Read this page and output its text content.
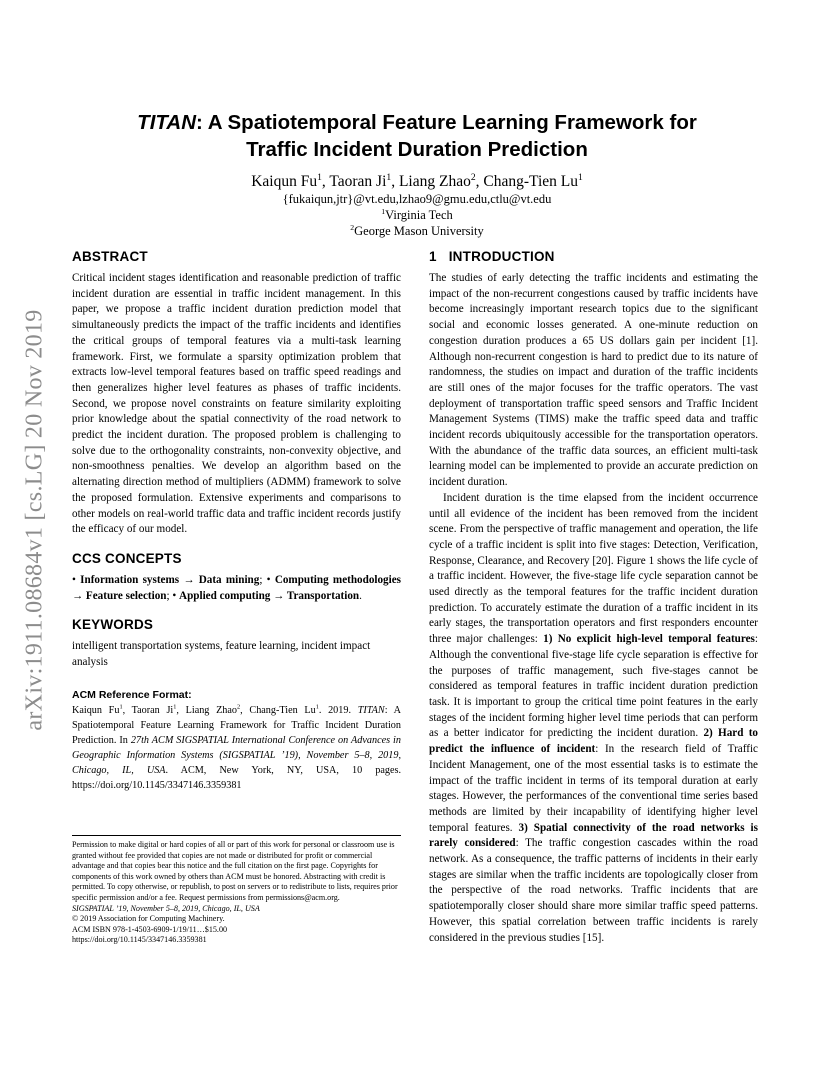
arXiv:1911.08684v1 [cs.LG] 20 Nov 2019
TITAN: A Spatiotemporal Feature Learning Framework for
Traffic Incident Duration Prediction
Kaiqun Fu$^1$, Taoran Ji$^1$, Liang Zhao$^2$, Chang-Tien Lu$^1$
{fukaiqun,jtr}@vt.edu,lzhao9@gmu.edu,ctlu@vt.edu
$^1$Virginia Tech
$^2$George Mason University
ABSTRACT

Critical incident stages identification and reasonable prediction of traffic incident duration are essential in traffic incident management. In this paper, we propose a traffic incident duration prediction model that simultaneously predicts the impact of the traffic incidents and identifies the critical groups of temporal features via a multi-task learning framework. First, we formulate a sparsity optimization problem that extracts low-level temporal features based on traffic speed readings and then generalizes higher level features as phases of traffic incidents. Second, we propose novel constraints on feature similarity exploiting prior knowledge about the spatial connectivity of the road network to predict the incident duration. The proposed problem is challenging to solve due to the orthogonality constraints, non-convexity objective, and non-smoothness penalties. We develop an algorithm based on the alternating direction method of multipliers (ADMM) framework to solve the proposed formulation. Extensive experiments and comparisons to other models on real-world traffic data and traffic incident records justify the efficacy of our model.

CCS CONCEPTS

• Information systems → Data mining; • Computing methodologies → Feature selection; • Applied computing → Transportation.

KEYWORDS

intelligent transportation systems, feature learning, incident impact analysis

ACM Reference Format:

Kaiqun Fu$^1$, Taoran Ji$^1$, Liang Zhao$^2$, Chang-Tien Lu$^1$. 2019. TITAN: A Spatiotemporal Feature Learning Framework for Traffic Incident Duration Prediction. In 27th ACM SIGSPATIAL International Conference on Advances in Geographic Information Systems (SIGSPATIAL ’19), November 5–8, 2019, Chicago, IL, USA. ACM, New York, NY, USA, 10 pages. https://doi.org/10.1145/3347146.3359381

Permission to make digital or hard copies of all or part of this work for personal or classroom use is granted without fee provided that copies are not made or distributed for profit or commercial advantage and that copies bear this notice and the full citation on the first page. Copyrights for components of this work owned by others than ACM must be honored. Abstracting with credit is permitted. To copy otherwise, or republish, to post on servers or to redistribute to lists, requires prior specific permission and/or a fee. Request permissions from permissions@acm.org.

SIGSPATIAL ’19, November 5–8, 2019, Chicago, IL, USA

© 2019 Association for Computing Machinery.

ACM ISBN 978-1-4503-6909-1/19/11…$15.00

https://doi.org/10.1145/3347146.3359381

1 INTRODUCTION

The studies of early detecting the traffic incidents and estimating the impact of the non-recurrent congestions caused by traffic incidents have become increasingly important research topics due to the significant social and economic losses generated. A one-minute reduction on congestion duration produces a 65 US dollars gain per incident [1]. Although non-recurrent congestion is hard to predict due to its nature of randomness, the studies on impact and duration of the traffic incidents are still ones of the major focuses for the traffic operators. The vast deployment of transportation traffic speed sensors and Traffic Incident Management Systems (TIMS) make the traffic speed data and traffic incident records ubiquitously accessible for the transportation operators. With the abundance of the traffic data sources, an efficient multi-task learning model can be implemented to provide an accurate prediction on incident duration.

Incident duration is the time elapsed from the incident occurrence until all evidence of the incident has been removed from the incident scene. From the perspective of traffic management and operation, the life cycle of a traffic incident is split into five stages: Detection, Verification, Response, Clearance, and Recovery [20]. Figure 1 shows the life cycle of a traffic incident. However, the five-stage life cycle separation cannot be used directly as the temporal features for the traffic incident duration prediction. To accurately estimate the duration of a traffic incident in its early stages, the transportation operators and first responders encounter three major challenges: 1) No explicit high-level temporal features: Although the conventional five-stage life cycle separation is effective for the purposes of traffic management, such five-stages cannot be considered as temporal features in traffic incident duration prediction task. It is important to group the critical time point features in the early stages of the incident forming higher level time periods that can perform as a better indicator for predicting the incident duration. 2) Hard to predict the influence of incident: In the research field of Traffic Incident Management, one of the most essential tasks is to estimate the impact of the traffic incident in terms of its temporal duration at early stages. However, the performances of the conventional time series based methods are limited by their incapability of identifying higher level temporal features. 3) Spatial connectivity of the road networks is rarely considered: The traffic congestion cascades within the road network. As a consequence, the traffic patterns of incidents in their early stages are similar when the traffic incidents are topologically closer from the perspective of the road networks. Traffic incidents that are spatiotemporally closer should share more similar traffic speed patterns. However, this spatial correlation between traffic incidents is rarely considered in the previous studies [15].
